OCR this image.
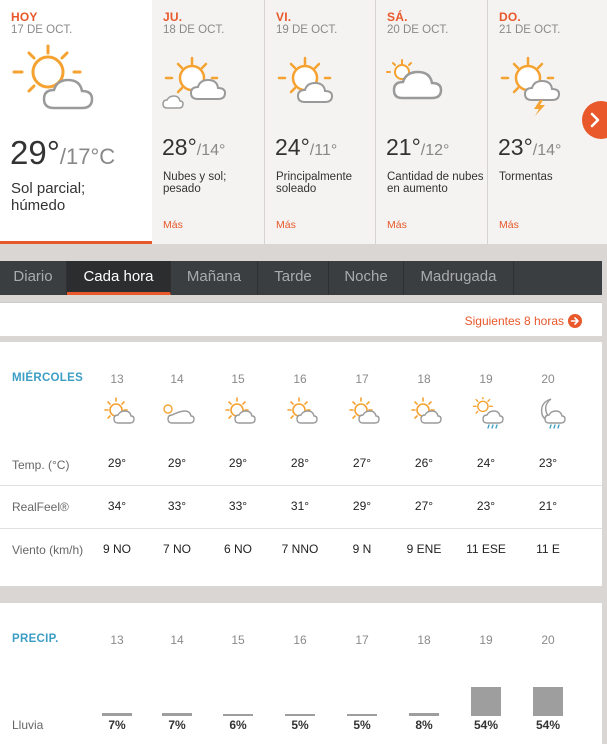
HOY
17 DE OCT.
29°/17°C
Sol parcial; húmedo
JU.
18 DE OCT.
28°/14°
Nubes y sol; pesado
Más
VI.
19 DE OCT.
24°/11°
Principalmente soleado
Más
SÁ.
20 DE OCT.
21°/12°
Cantidad de nubes en aumento
Más
DO.
21 DE OCT.
23°/14°
Tormentas
Más
Diario	Cada hora	Mañana	Tarde	Noche	Madrugada
Siguientes 8 horas
MIÉRCOLES	13	14	15	16	17	18	19	20
Temp. (°C)	29°	29°	29°	28°	27°	26°	24°	23°
RealFeel®	34°	33°	33°	31°	29°	27°	23°	21°
Viento (km/h)	9 NO	7 NO	6 NO	7 NNO	9 N	9 ENE	11 ESE	11 E
PRECIP.	13	14	15	16	17	18	19	20
Lluvia	7%	7%	6%	5%	5%	8%	54%	54%
